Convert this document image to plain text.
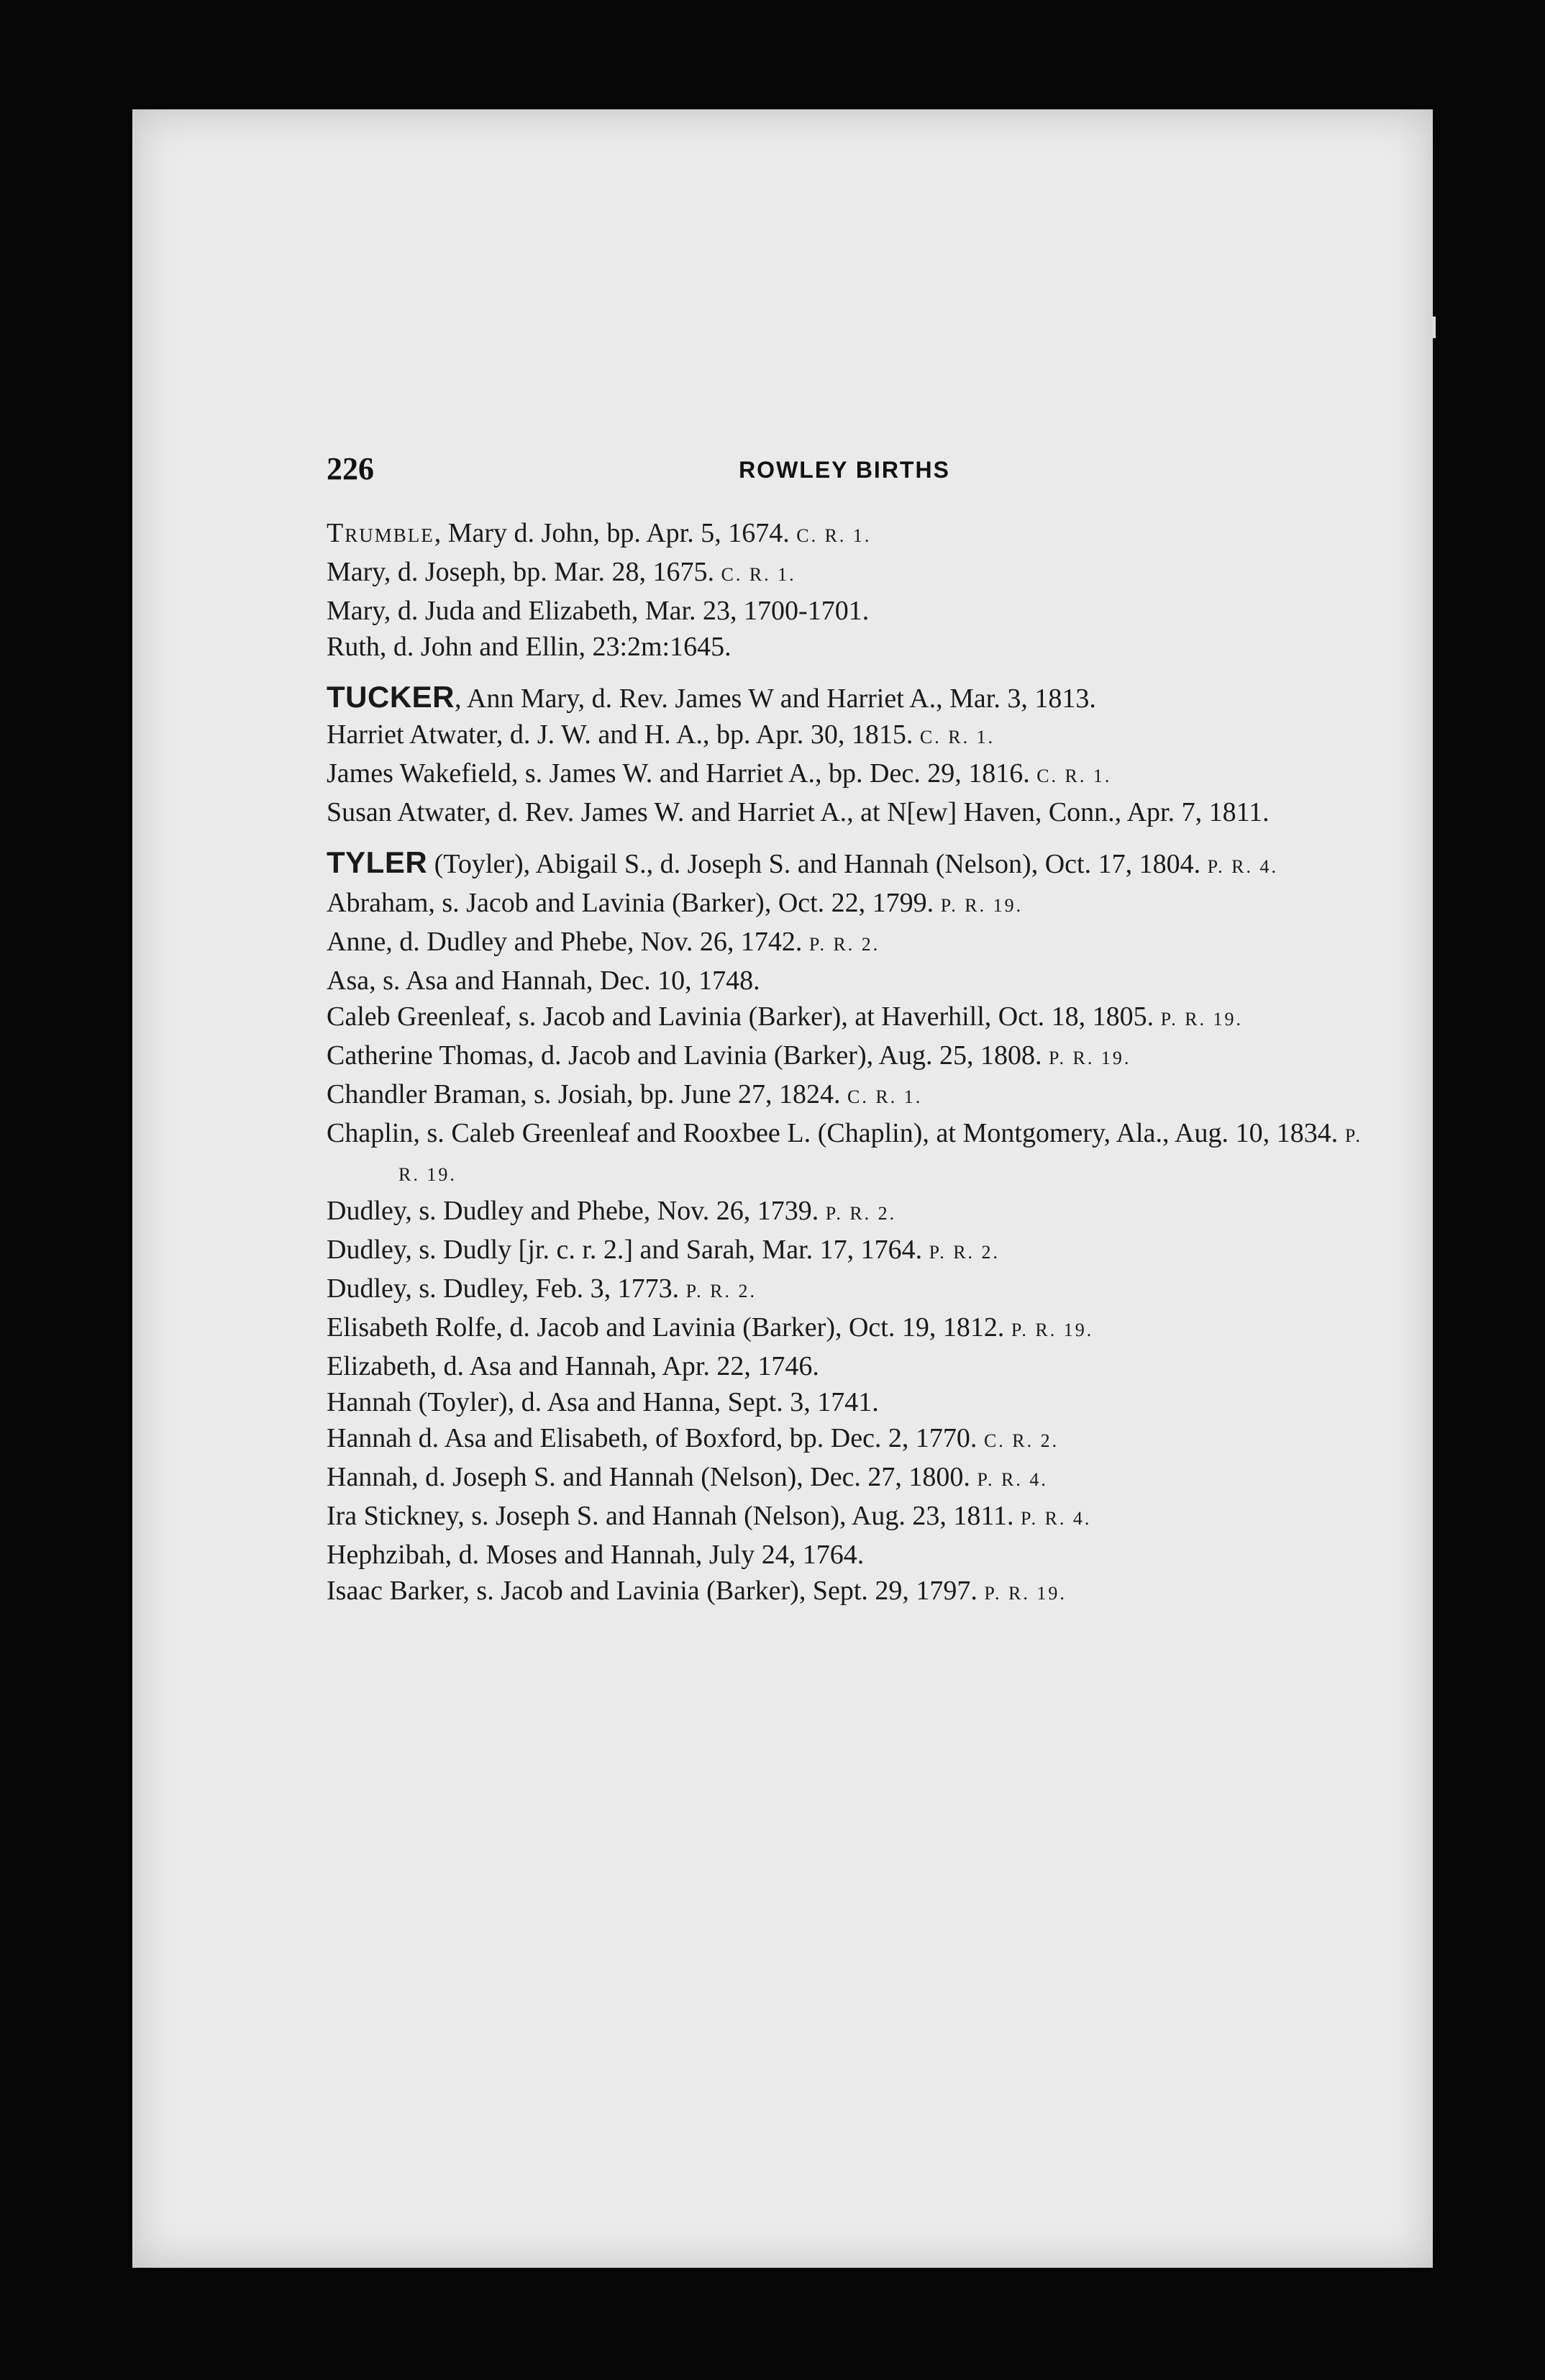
226	ROWLEY BIRTHS

Trumble, Mary d. John, bp. Apr. 5, 1674. C. R. 1.

Mary, d. Joseph, bp. Mar. 28, 1675. C. R. 1.

Mary, d. Juda and Elizabeth, Mar. 23, 1700-1701.

Ruth, d. John and Ellin, 23:2m:1645.

TUCKER, Ann Mary, d. Rev. James W and Harriet A., Mar. 3, 1813.

Harriet Atwater, d. J. W. and H. A., bp. Apr. 30, 1815. C. R. 1.

James Wakefield, s. James W. and Harriet A., bp. Dec. 29, 1816. C. R. 1.

Susan Atwater, d. Rev. James W. and Harriet A., at N[ew] Haven, Conn., Apr. 7, 1811.

TYLER (Toyler), Abigail S., d. Joseph S. and Hannah (Nelson), Oct. 17, 1804. P. R. 4.

Abraham, s. Jacob and Lavinia (Barker), Oct. 22, 1799. P. R. 19.

Anne, d. Dudley and Phebe, Nov. 26, 1742. P. R. 2.

Asa, s. Asa and Hannah, Dec. 10, 1748.

Caleb Greenleaf, s. Jacob and Lavinia (Barker), at Haverhill, Oct. 18, 1805. P. R. 19.

Catherine Thomas, d. Jacob and Lavinia (Barker), Aug. 25, 1808. P. R. 19.

Chandler Braman, s. Josiah, bp. June 27, 1824. C. R. 1.

Chaplin, s. Caleb Greenleaf and Rooxbee L. (Chaplin), at Montgomery, Ala., Aug. 10, 1834. P. R. 19.

Dudley, s. Dudley and Phebe, Nov. 26, 1739. P. R. 2.

Dudley, s. Dudly [jr. c. r. 2.] and Sarah, Mar. 17, 1764. P. R. 2.

Dudley, s. Dudley, Feb. 3, 1773. P. R. 2.

Elisabeth Rolfe, d. Jacob and Lavinia (Barker), Oct. 19, 1812. P. R. 19.

Elizabeth, d. Asa and Hannah, Apr. 22, 1746.

Hannah (Toyler), d. Asa and Hanna, Sept. 3, 1741.

Hannah d. Asa and Elisabeth, of Boxford, bp. Dec. 2, 1770. C. R. 2.

Hannah, d. Joseph S. and Hannah (Nelson), Dec. 27, 1800. P. R. 4.

Ira Stickney, s. Joseph S. and Hannah (Nelson), Aug. 23, 1811. P. R. 4.

Hephzibah, d. Moses and Hannah, July 24, 1764.

Isaac Barker, s. Jacob and Lavinia (Barker), Sept. 29, 1797. P. R. 19.
